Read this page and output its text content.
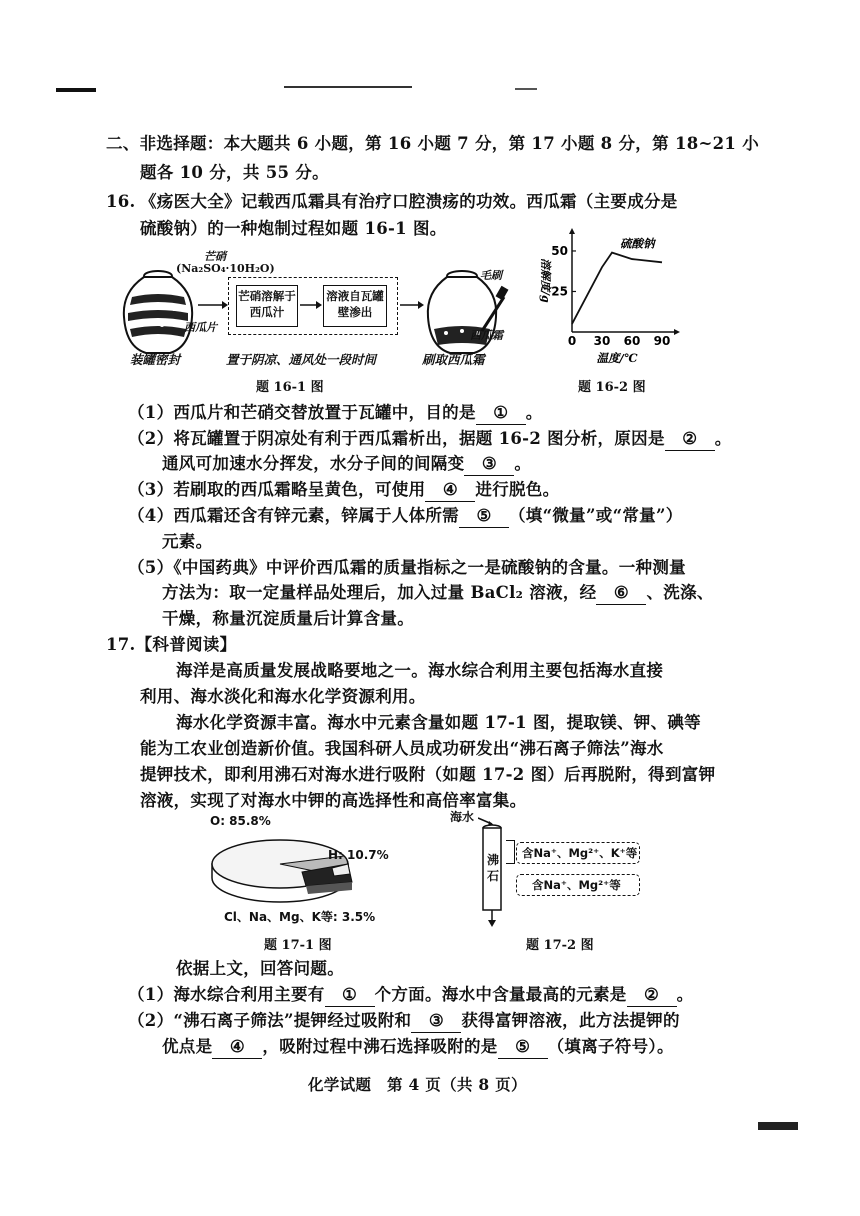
二、非选择题：本大题共 6 小题，第 16 小题 7 分，第 17 小题 8 分，第 18~21 小
题各 10 分，共 55 分。
16. 《疡医大全》记载西瓜霜具有治疗口腔溃疡的功效。西瓜霜（主要成分是
硫酸钠）的一种炮制过程如题 16-1 图。
芒硝
(Na₂SO₄·10H₂O)
西瓜片
芒硝溶解于西瓜汁
溶液自瓦罐壁渗出
毛刷
西瓜霜
装罐密封	置于阴凉、通风处一段时间	刷取西瓜霜
题 16-1 图
0 30 60 90
25
50
硫酸钠
溶解度/g
温度/℃
题 16-2 图
（1）西瓜片和芒硝交替放置于瓦罐中，目的是 ① 。
（2）将瓦罐置于阴凉处有利于西瓜霜析出，据题 16-2 图分析，原因是 ② 。
通风可加速水分挥发，水分子间的间隔变 ③ 。
（3）若刷取的西瓜霜略呈黄色，可使用 ④ 进行脱色。
（4）西瓜霜还含有锌元素，锌属于人体所需 ⑤ （填“微量”或“常量”）
元素。
（5）《中国药典》中评价西瓜霜的质量指标之一是硫酸钠的含量。一种测量
方法为：取一定量样品处理后，加入过量 BaCl₂ 溶液，经 ⑥ 、洗涤、
干燥，称量沉淀质量后计算含量。
17.【科普阅读】
海洋是高质量发展战略要地之一。海水综合利用主要包括海水直接
利用、海水淡化和海水化学资源利用。
海水化学资源丰富。海水中元素含量如题 17-1 图，提取镁、钾、碘等
能为工农业创造新价值。我国科研人员成功研发出“沸石离子筛法”海水
提钾技术，即利用沸石对海水进行吸附（如题 17-2 图）后再脱附，得到富钾
溶液，实现了对海水中钾的高选择性和高倍率富集。
O: 85.8%
H: 10.7%
Cl、Na、Mg、K等: 3.5%
题 17-1 图
海水
沸石
含Na⁺、Mg²⁺、K⁺等
含Na⁺、Mg²⁺等
题 17-2 图
依据上文，回答问题。
（1）海水综合利用主要有 ① 个方面。海水中含量最高的元素是 ② 。
（2）“沸石离子筛法”提钾经过吸附和 ③ 获得富钾溶液，此方法提钾的
优点是 ④ ，吸附过程中沸石选择吸附的是 ⑤ （填离子符号）。
化学试题　第 4 页（共 8 页）
